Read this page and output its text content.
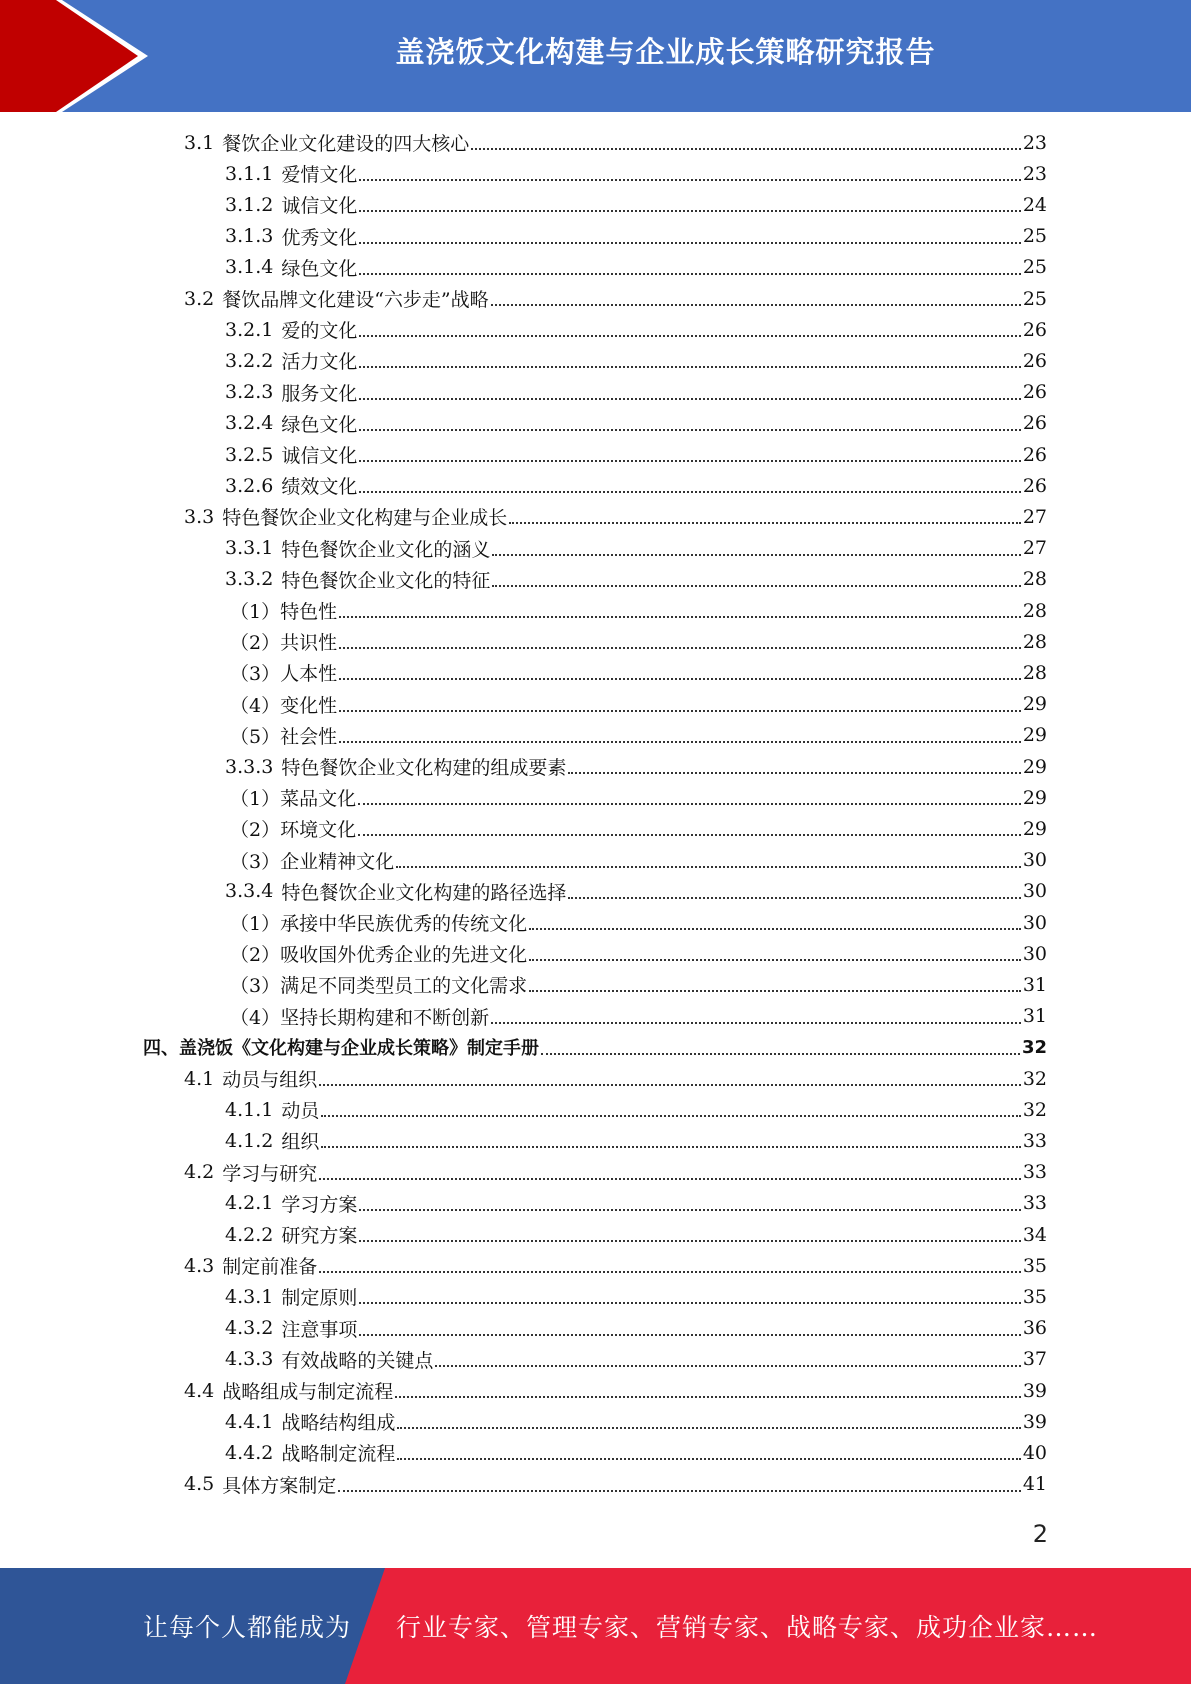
盖浇饭文化构建与企业成长策略研究报告
3.1 餐饮企业文化建设的四大核心	23
3.1.1 爱情文化	23
3.1.2 诚信文化	24
3.1.3 优秀文化	25
3.1.4 绿色文化	25
3.2 餐饮品牌文化建设“六步走”战略	25
3.2.1 爱的文化	26
3.2.2 活力文化	26
3.2.3 服务文化	26
3.2.4 绿色文化	26
3.2.5 诚信文化	26
3.2.6 绩效文化	26
3.3 特色餐饮企业文化构建与企业成长	27
3.3.1 特色餐饮企业文化的涵义	27
3.3.2 特色餐饮企业文化的特征	28
（1） 特色性	28
（2） 共识性	28
（3） 人本性	28
（4） 变化性	29
（5） 社会性	29
3.3.3 特色餐饮企业文化构建的组成要素	29
（1） 菜品文化	29
（2） 环境文化	29
（3） 企业精神文化	30
3.3.4 特色餐饮企业文化构建的路径选择	30
（1） 承接中华民族优秀的传统文化	30
（2） 吸收国外优秀企业的先进文化	30
（3） 满足不同类型员工的文化需求	31
（4） 坚持长期构建和不断创新	31
四、 盖浇饭《文化构建与企业成长策略》制定手册	32
4.1 动员与组织	32
4.1.1 动员	32
4.1.2 组织	33
4.2 学习与研究	33
4.2.1 学习方案	33
4.2.2 研究方案	34
4.3 制定前准备	35
4.3.1 制定原则	35
4.3.2 注意事项	36
4.3.3 有效战略的关键点	37
4.4 战略组成与制定流程	39
4.4.1 战略结构组成	39
4.4.2 战略制定流程	40
4.5 具体方案制定	41
2
让每个人都能成为 行业专家、管理专家、营销专家、战略专家、成功企业家……
